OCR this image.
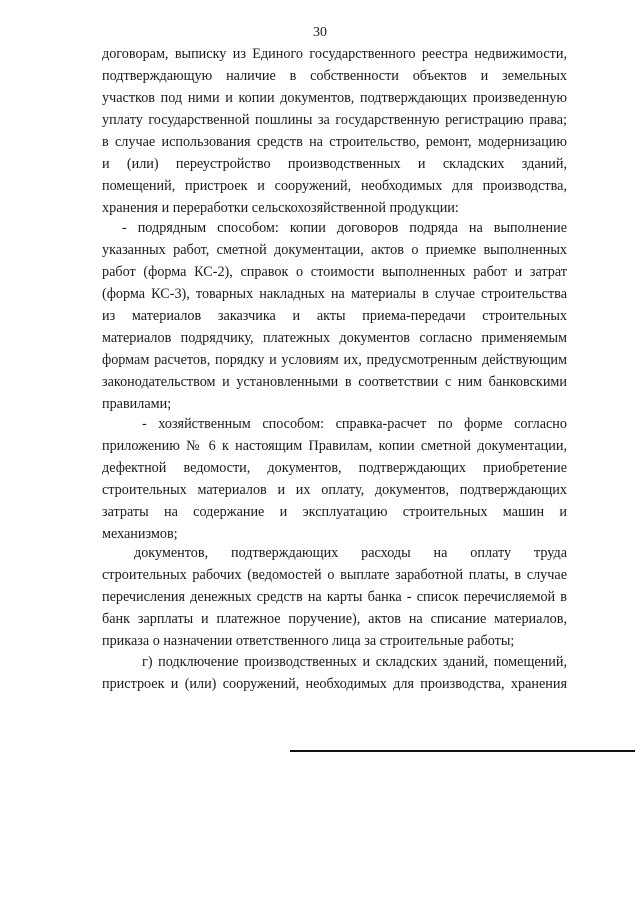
30
договорам, выписку из Единого государственного реестра недвижимости,
подтверждающую наличие в собственности объектов и земельных
участков под ними и копии документов, подтверждающих произведенную
уплату государственной пошлины за государственную регистрацию права;
в случае использования средств на строительство, ремонт, модернизацию
и (или) переустройство производственных и складских зданий,
помещений, пристроек и сооружений, необходимых для производства,
хранения и переработки сельскохозяйственной продукции:
- подрядным способом: копии договоров подряда на выполнение
указанных работ, сметной документации, актов о приемке выполненных
работ (форма КС-2), справок о стоимости выполненных работ и затрат
(форма КС-3), товарных накладных на материалы в случае строительства
из материалов заказчика и акты приема-передачи строительных
материалов подрядчику, платежных документов согласно применяемым
формам расчетов, порядку и условиям их, предусмотренным действующим
законодательством и установленными в соответствии с ним банковскими
правилами;
- хозяйственным способом: справка-расчет по форме согласно
приложению № 6 к настоящим Правилам, копии сметной документации,
дефектной ведомости, документов, подтверждающих приобретение
строительных материалов и их оплату, документов, подтверждающих
затраты на содержание и эксплуатацию строительных машин и
механизмов;
документов, подтверждающих расходы на оплату труда
строительных рабочих (ведомостей о выплате заработной платы, в случае
перечисления денежных средств на карты банка - список перечисляемой в
банк зарплаты и платежное поручение), актов на списание материалов,
приказа о назначении ответственного лица за строительные работы;
г) подключение производственных и складских зданий, помещений,
пристроек и (или) сооружений, необходимых для производства, хранения
